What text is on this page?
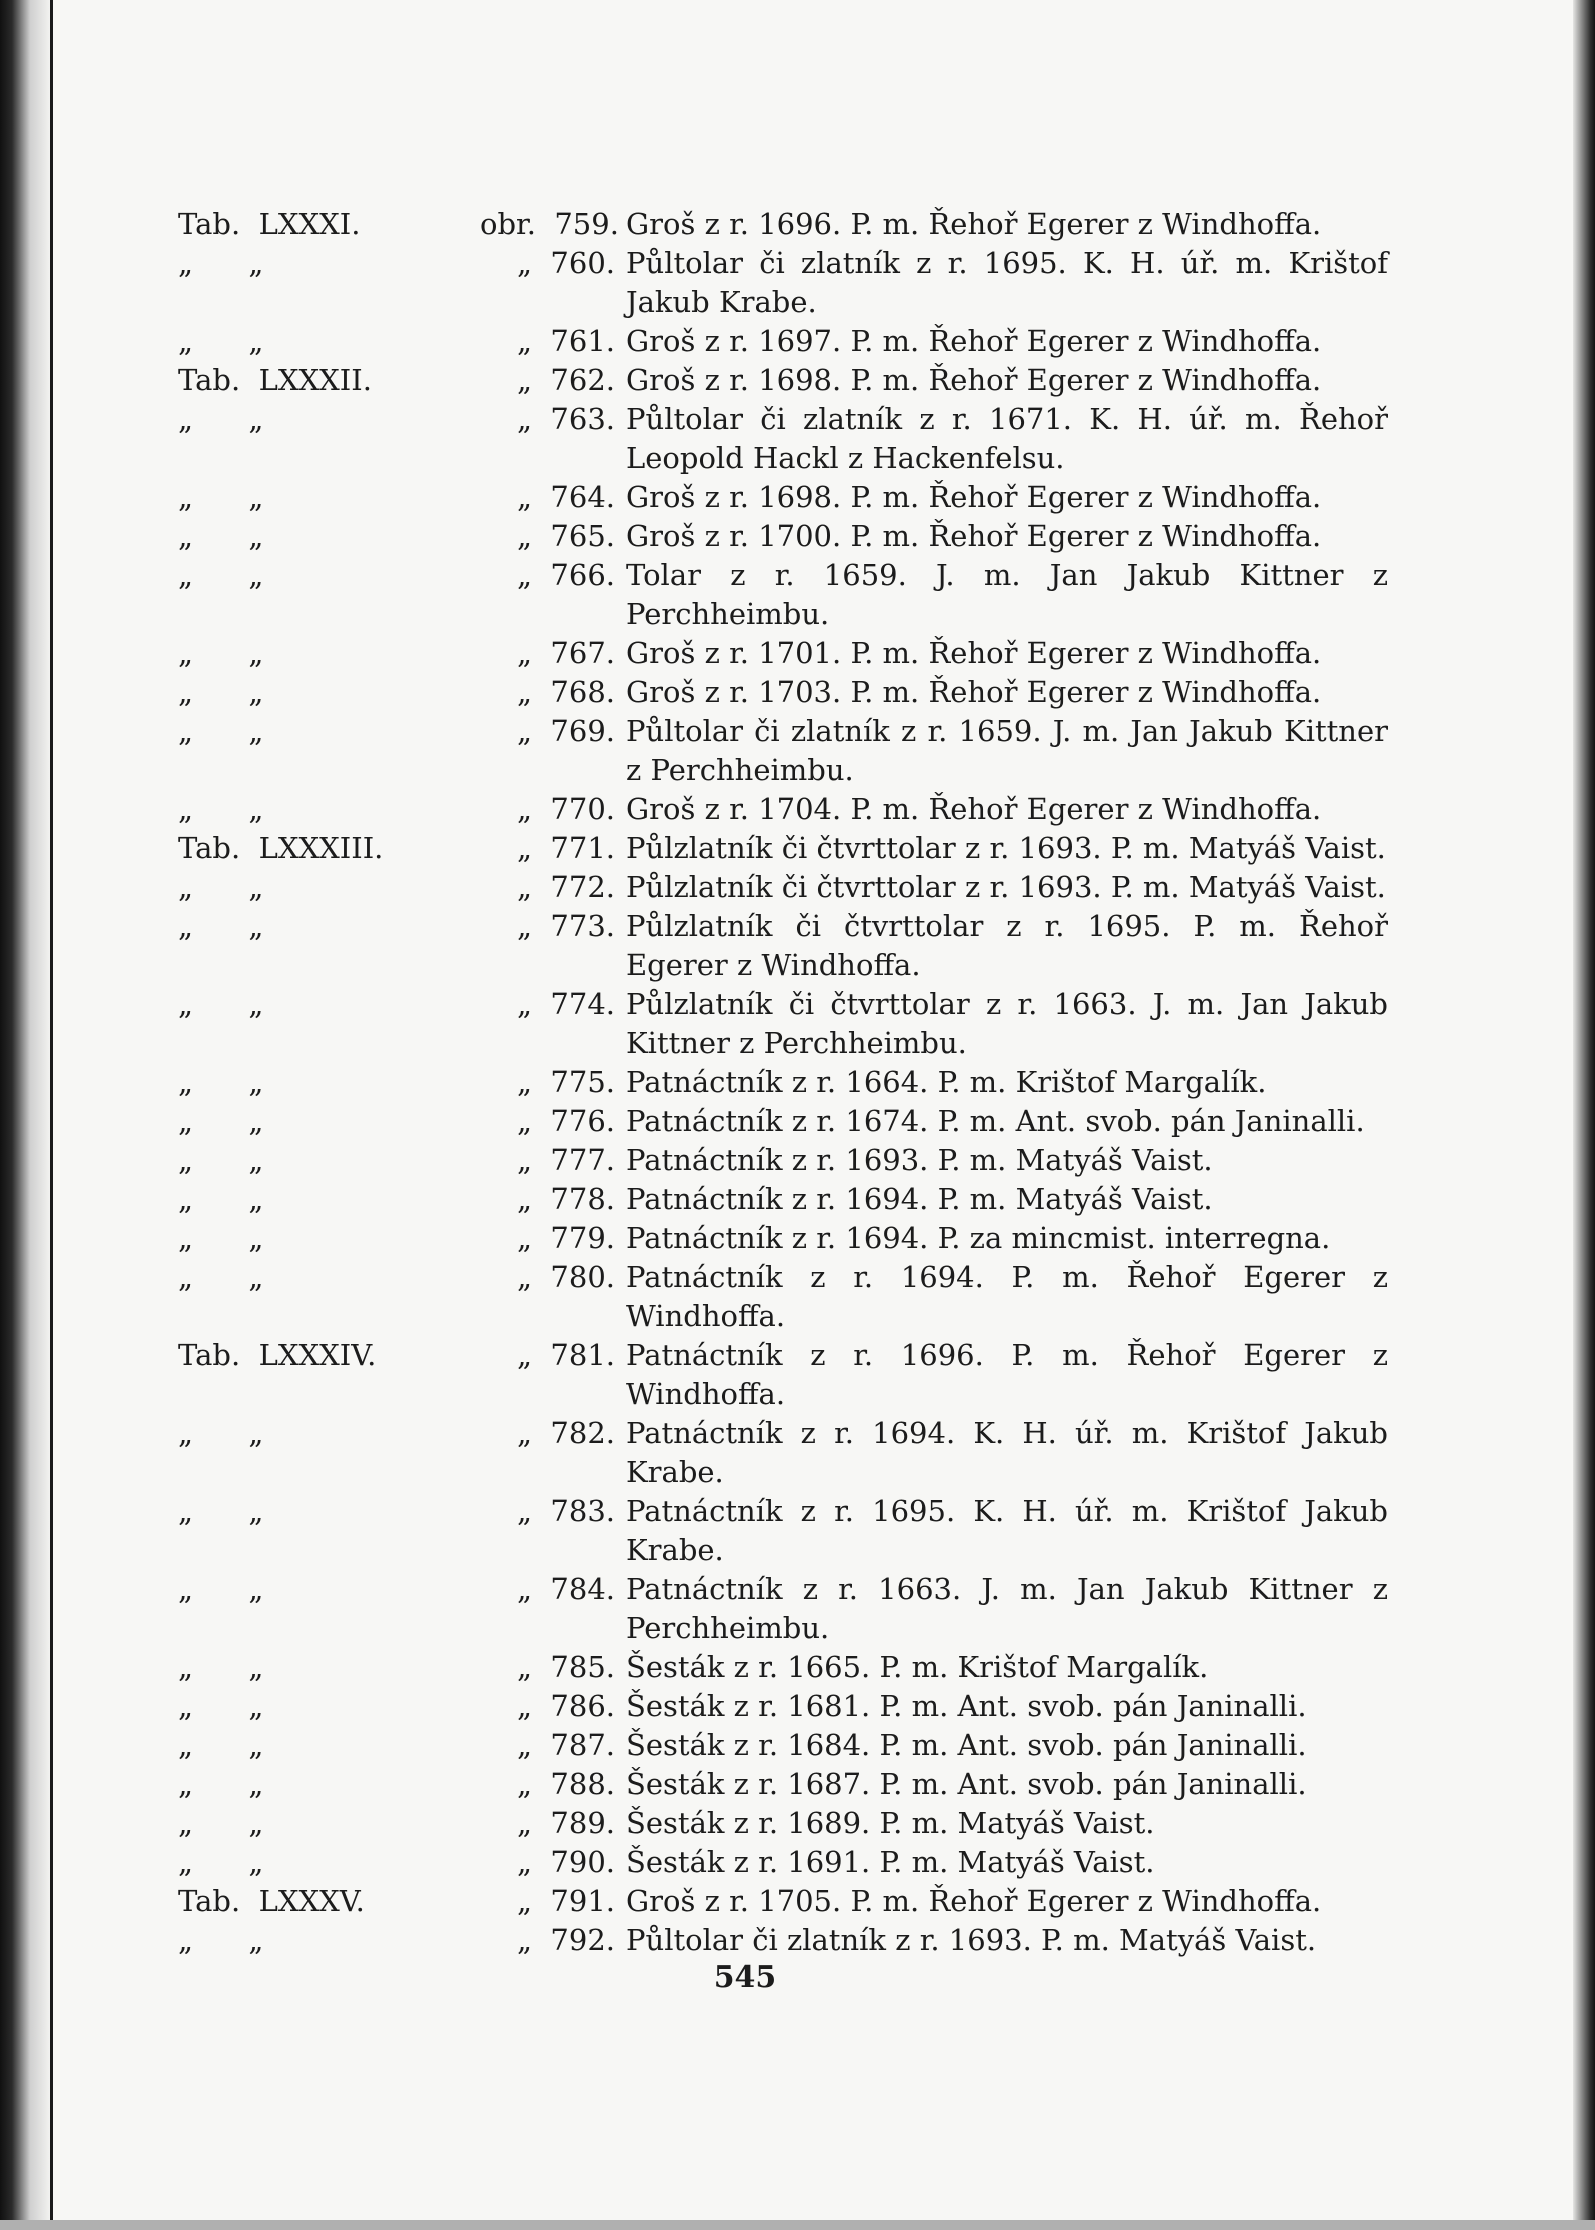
Tab.  LXXXI.	obr.  759. Groš z r. 1696. P. m. Řehoř Egerer z Windhoffa.
„      „	„  760. Půltolar či zlatník z r. 1695. K. H. úř. m. Krištof Jakub Krabe.
„      „	„  761. Groš z r. 1697. P. m. Řehoř Egerer z Windhoffa.
Tab.  LXXXII.	„  762. Groš z r. 1698. P. m. Řehoř Egerer z Windhoffa.
„      „	„  763. Půltolar či zlatník z r. 1671. K. H. úř. m. Řehoř Leopold Hackl z Hackenfelsu.
„      „	„  764. Groš z r. 1698. P. m. Řehoř Egerer z Windhoffa.
„      „	„  765. Groš z r. 1700. P. m. Řehoř Egerer z Windhoffa.
„      „	„  766. Tolar z r. 1659. J. m. Jan Jakub Kittner z Perchheimbu.
„      „	„  767. Groš z r. 1701. P. m. Řehoř Egerer z Windhoffa.
„      „	„  768. Groš z r. 1703. P. m. Řehoř Egerer z Windhoffa.
„      „	„  769. Půltolar či zlatník z r. 1659. J. m. Jan Jakub Kittner z Perchheimbu.
„      „	„  770. Groš z r. 1704. P. m. Řehoř Egerer z Windhoffa.
Tab.  LXXXIII.	„  771. Půlzlatník či čtvrttolar z r. 1693. P. m. Matyáš Vaist.
„      „	„  772. Půlzlatník či čtvrttolar z r. 1693. P. m. Matyáš Vaist.
„      „	„  773. Půlzlatník či čtvrttolar z r. 1695. P. m. Řehoř Egerer z Windhoffa.
„      „	„  774. Půlzlatník či čtvrttolar z r. 1663. J. m. Jan Jakub Kittner z Perchheimbu.
„      „	„  775. Patnáctník z r. 1664. P. m. Krištof Margalík.
„      „	„  776. Patnáctník z r. 1674. P. m. Ant. svob. pán Janinalli.
„      „	„  777. Patnáctník z r. 1693. P. m. Matyáš Vaist.
„      „	„  778. Patnáctník z r. 1694. P. m. Matyáš Vaist.
„      „	„  779. Patnáctník z r. 1694. P. za mincmist. interregna.
„      „	„  780. Patnáctník z r. 1694. P. m. Řehoř Egerer z Windhoffa.
Tab.  LXXXIV.	„  781. Patnáctník z r. 1696. P. m. Řehoř Egerer z Windhoffa.
„      „	„  782. Patnáctník z r. 1694. K. H. úř. m. Krištof Jakub Krabe.
„      „	„  783. Patnáctník z r. 1695. K. H. úř. m. Krištof Jakub Krabe.
„      „	„  784. Patnáctník z r. 1663. J. m. Jan Jakub Kittner z Perchheimbu.
„      „	„  785. Šesták z r. 1665. P. m. Krištof Margalík.
„      „	„  786. Šesták z r. 1681. P. m. Ant. svob. pán Janinalli.
„      „	„  787. Šesták z r. 1684. P. m. Ant. svob. pán Janinalli.
„      „	„  788. Šesták z r. 1687. P. m. Ant. svob. pán Janinalli.
„      „	„  789. Šesták z r. 1689. P. m. Matyáš Vaist.
„      „	„  790. Šesták z r. 1691. P. m. Matyáš Vaist.
Tab.  LXXXV.	„  791. Groš z r. 1705. P. m. Řehoř Egerer z Windhoffa.
„      „	„  792. Půltolar či zlatník z r. 1693. P. m. Matyáš Vaist.
545
